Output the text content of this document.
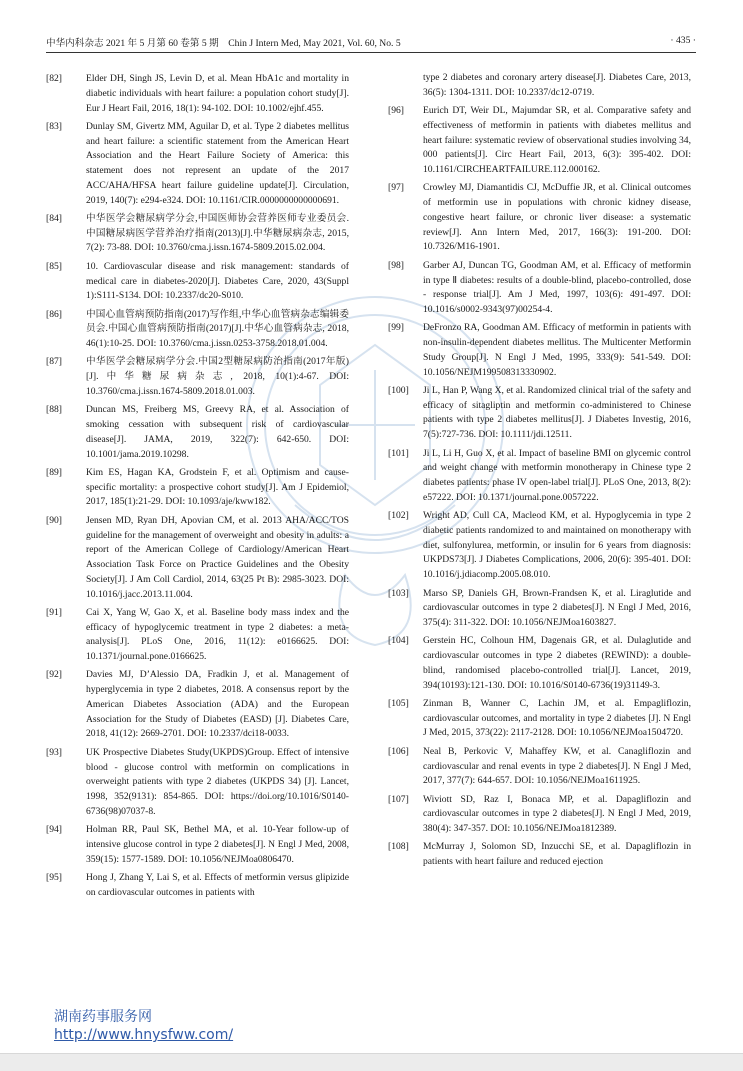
中华内科杂志 2021 年 5 月第 60 卷第 5 期　Chin J Intern Med, May 2021, Vol. 60, No. 5	· 435 ·
[82]	Elder DH, Singh JS, Levin D, et al. Mean HbA1c and mortality in diabetic individuals with heart failure: a population cohort study[J]. Eur J Heart Fail, 2016, 18(1): 94-102. DOI: 10.1002/ejhf.455.
[83]	Dunlay SM, Givertz MM, Aguilar D, et al. Type 2 diabetes mellitus and heart failure: a scientific statement from the American Heart Association and the Heart Failure Society of America: this statement does not represent an update of the 2017 ACC/AHA/HFSA heart failure guideline update[J]. Circulation, 2019, 140(7): e294-e324. DOI: 10.1161/CIR.0000000000000691.
[84]	中华医学会糖尿病学分会,中国医师协会营养医师专业委员会.中国糖尿病医学营养治疗指南(2013)[J].中华糖尿病杂志, 2015, 7(2): 73-88. DOI: 10.3760/cma.j.issn.1674-5809.2015.02.004.
[85]	10. Cardiovascular disease and risk management: standards of medical care in diabetes-2020[J]. Diabetes Care, 2020, 43(Suppl 1):S111-S134. DOI: 10.2337/dc20-S010.
[86]	中国心血管病预防指南(2017)写作组,中华心血管病杂志编辑委员会.中国心血管病预防指南(2017)[J].中华心血管病杂志, 2018, 46(1):10-25. DOI: 10.3760/cma.j.issn.0253-3758.2018.01.004.
[87]	中华医学会糖尿病学分会.中国2型糖尿病防治指南(2017年版)[J].中华糖尿病杂志, 2018, 10(1):4-67. DOI: 10.3760/cma.j.issn.1674-5809.2018.01.003.
[88]	Duncan MS, Freiberg MS, Greevy RA, et al. Association of smoking cessation with subsequent risk of cardiovascular disease[J]. JAMA, 2019, 322(7): 642-650. DOI: 10.1001/jama.2019.10298.
[89]	Kim ES, Hagan KA, Grodstein F, et al. Optimism and cause-specific mortality: a prospective cohort study[J]. Am J Epidemiol, 2017, 185(1):21-29. DOI: 10.1093/aje/kww182.
[90]	Jensen MD, Ryan DH, Apovian CM, et al. 2013 AHA/ACC/TOS guideline for the management of overweight and obesity in adults: a report of the American College of Cardiology/American Heart Association Task Force on Practice Guidelines and the Obesity Society[J]. J Am Coll Cardiol, 2014, 63(25 Pt B): 2985-3023. DOI: 10.1016/j.jacc.2013.11.004.
[91]	Cai X, Yang W, Gao X, et al. Baseline body mass index and the efficacy of hypoglycemic treatment in type 2 diabetes: a meta-analysis[J]. PLoS One, 2016, 11(12): e0166625. DOI: 10.1371/journal.pone.0166625.
[92]	Davies MJ, D’Alessio DA, Fradkin J, et al. Management of hyperglycemia in type 2 diabetes, 2018. A consensus report by the American Diabetes Association (ADA) and the European Association for the Study of Diabetes (EASD) [J]. Diabetes Care, 2018, 41(12): 2669-2701. DOI: 10.2337/dci18-0033.
[93]	UK Prospective Diabetes Study(UKPDS)Group. Effect of intensive blood - glucose control with metformin on complications in overweight patients with type 2 diabetes (UKPDS 34) [J]. Lancet, 1998, 352(9131): 854-865. DOI: https://doi.org/10.1016/S0140-6736(98)07037-8.
[94]	Holman RR, Paul SK, Bethel MA, et al. 10-Year follow-up of intensive glucose control in type 2 diabetes[J]. N Engl J Med, 2008, 359(15): 1577-1589. DOI: 10.1056/NEJMoa0806470.
[95]	Hong J, Zhang Y, Lai S, et al. Effects of metformin versus glipizide on cardiovascular outcomes in patients with
type 2 diabetes and coronary artery disease[J]. Diabetes Care, 2013, 36(5): 1304-1311. DOI: 10.2337/dc12-0719.
[96]	Eurich DT, Weir DL, Majumdar SR, et al. Comparative safety and effectiveness of metformin in patients with diabetes mellitus and heart failure: systematic review of observational studies involving 34, 000 patients[J]. Circ Heart Fail, 2013, 6(3): 395-402. DOI: 10.1161/CIRCHEARTFAILURE.112.000162.
[97]	Crowley MJ, Diamantidis CJ, McDuffie JR, et al. Clinical outcomes of metformin use in populations with chronic kidney disease, congestive heart failure, or chronic liver disease: a systematic review[J]. Ann Intern Med, 2017, 166(3): 191-200. DOI: 10.7326/M16-1901.
[98]	Garber AJ, Duncan TG, Goodman AM, et al. Efficacy of metformin in type Ⅱ diabetes: results of a double-blind, placebo-controlled, dose - response trial[J]. Am J Med, 1997, 103(6): 491-497. DOI: 10.1016/s0002-9343(97)00254-4.
[99]	DeFronzo RA, Goodman AM. Efficacy of metformin in patients with non-insulin-dependent diabetes mellitus. The Multicenter Metformin Study Group[J]. N Engl J Med, 1995, 333(9): 541-549. DOI: 10.1056/NEJM199508313330902.
[100]	Ji L, Han P, Wang X, et al. Randomized clinical trial of the safety and efficacy of sitagliptin and metformin co-administered to Chinese patients with type 2 diabetes mellitus[J]. J Diabetes Investig, 2016, 7(5):727-736. DOI: 10.1111/jdi.12511.
[101]	Ji L, Li H, Guo X, et al. Impact of baseline BMI on glycemic control and weight change with metformin monotherapy in Chinese type 2 diabetes patients: phase IV open-label trial[J]. PLoS One, 2013, 8(2): e57222. DOI: 10.1371/journal.pone.0057222.
[102]	Wright AD, Cull CA, Macleod KM, et al. Hypoglycemia in type 2 diabetic patients randomized to and maintained on monotherapy with diet, sulfonylurea, metformin, or insulin for 6 years from diagnosis: UKPDS73[J]. J Diabetes Complications, 2006, 20(6): 395-401. DOI: 10.1016/j.jdiacomp.2005.08.010.
[103]	Marso SP, Daniels GH, Brown-Frandsen K, et al. Liraglutide and cardiovascular outcomes in type 2 diabetes[J]. N Engl J Med, 2016, 375(4): 311-322. DOI: 10.1056/NEJMoa1603827.
[104]	Gerstein HC, Colhoun HM, Dagenais GR, et al. Dulaglutide and cardiovascular outcomes in type 2 diabetes (REWIND): a double-blind, randomised placebo-controlled trial[J]. Lancet, 2019, 394(10193):121-130. DOI: 10.1016/S0140-6736(19)31149-3.
[105]	Zinman B, Wanner C, Lachin JM, et al. Empagliflozin, cardiovascular outcomes, and mortality in type 2 diabetes [J]. N Engl J Med, 2015, 373(22): 2117-2128. DOI: 10.1056/NEJMoa1504720.
[106]	Neal B, Perkovic V, Mahaffey KW, et al. Canagliflozin and cardiovascular and renal events in type 2 diabetes[J]. N Engl J Med, 2017, 377(7): 644-657. DOI: 10.1056/NEJMoa1611925.
[107]	Wiviott SD, Raz I, Bonaca MP, et al. Dapagliflozin and cardiovascular outcomes in type 2 diabetes[J]. N Engl J Med, 2019, 380(4): 347-357. DOI: 10.1056/NEJMoa1812389.
[108]	McMurray J, Solomon SD, Inzucchi SE, et al. Dapagliflozin in patients with heart failure and reduced ejection
湖南药事服务网
http://www.hnysfww.com/
